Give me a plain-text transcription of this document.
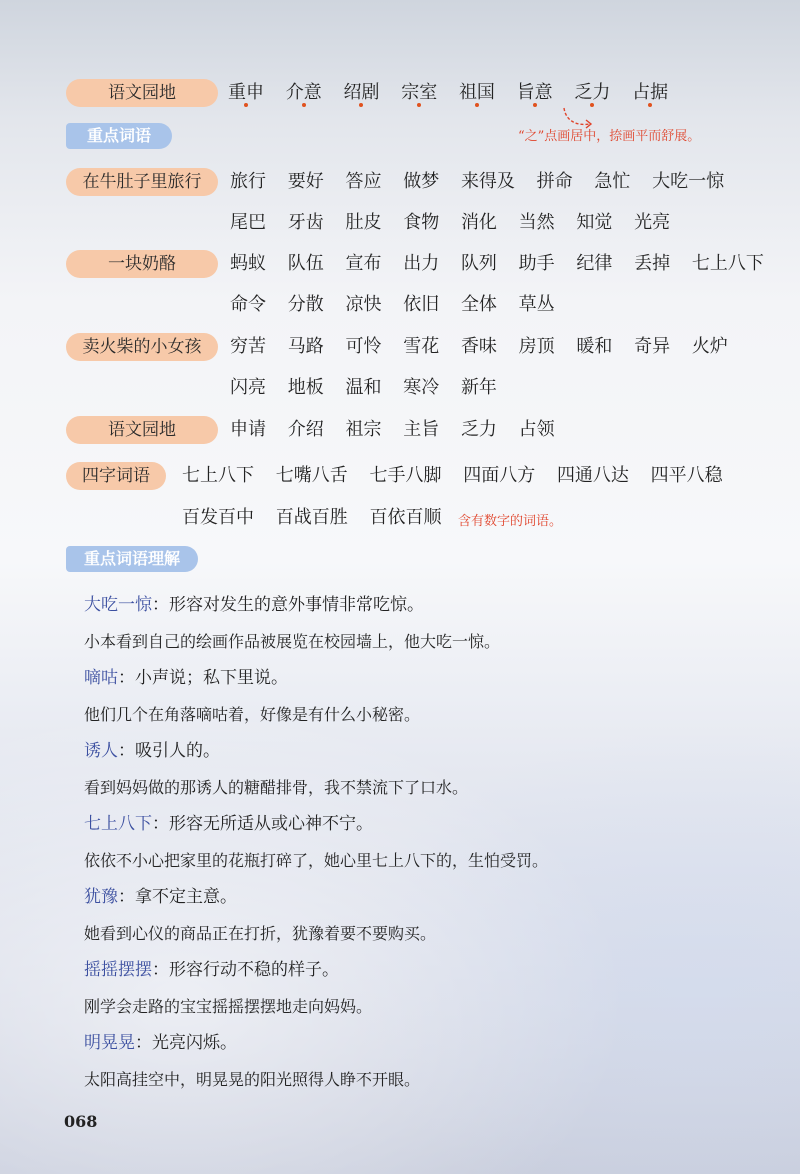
语文园地	重申 介意 绍剧 宗室 祖国 旨意 乏力 占据
重点词语	“之”点画居中，捺画平而舒展。
在牛肚子里旅行	旅行 要好 答应 做梦 来得及 拼命 急忙 大吃一惊
尾巴 牙齿 肚皮 食物 消化 当然 知觉 光亮
一块奶酪	蚂蚁 队伍 宣布 出力 队列 助手 纪律 丢掉 七上八下
命令 分散 凉快 依旧 全体 草丛
卖火柴的小女孩	穷苦 马路 可怜 雪花 香味 房顶 暖和 奇异 火炉
闪亮 地板 温和 寒冷 新年
语文园地	申请 介绍 祖宗 主旨 乏力 占领
四字词语	七上八下 七嘴八舌 七手八脚 四面八方 四通八达 四平八稳
百发百中 百战百胜 百依百顺	含有数字的词语。
重点词语理解
大吃一惊：形容对发生的意外事情非常吃惊。
小本看到自己的绘画作品被展览在校园墙上，他大吃一惊。
嘀咕：小声说；私下里说。
他们几个在角落嘀咕着，好像是有什么小秘密。
诱人：吸引人的。
看到妈妈做的那诱人的糖醋排骨，我不禁流下了口水。
七上八下：形容无所适从或心神不宁。
依依不小心把家里的花瓶打碎了，她心里七上八下的，生怕受罚。
犹豫：拿不定主意。
她看到心仪的商品正在打折，犹豫着要不要购买。
摇摇摆摆：形容行动不稳的样子。
刚学会走路的宝宝摇摇摆摆地走向妈妈。
明晃晃：光亮闪烁。
太阳高挂空中，明晃晃的阳光照得人睁不开眼。
068
